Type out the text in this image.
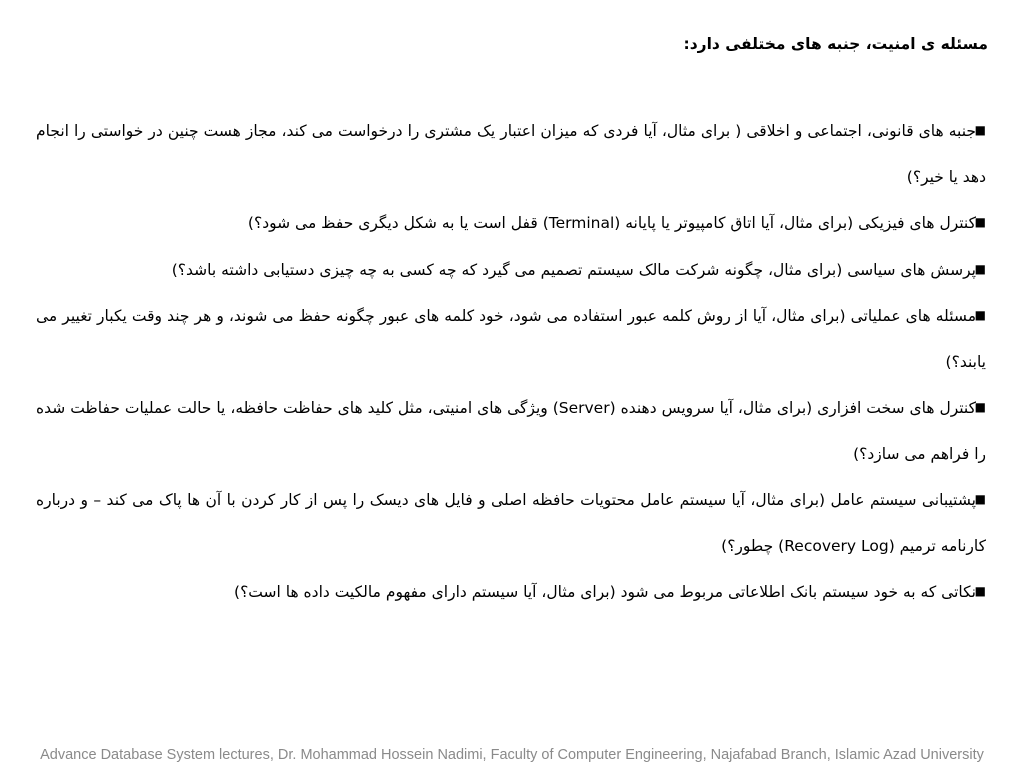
مسئله ی امنیت، جنبه های مختلفی دارد:
■جنبه های قانونی، اجتماعی و اخلاقی ( برای مثال، آیا فردی که میزان اعتبار یک مشتری را درخواست می کند، مجاز هست چنین در خواستی را انجام دهد یا خیر؟)
■کنترل های فیزیکی (برای مثال، آیا اتاق کامپیوتر یا پایانه (Terminal) قفل است یا به شکل دیگری حفظ می شود؟)
■پرسش های سیاسی (برای مثال، چگونه شرکت مالک سیستم تصمیم می گیرد که چه کسی به چه چیزی دستیابی داشته باشد؟)
■مسئله های عملیاتی (برای مثال، آیا از روش کلمه عبور استفاده می شود، خود کلمه های عبور چگونه حفظ می شوند، و هر چند وقت یکبار تغییر می یابند؟)
■کنترل های سخت افزاری (برای مثال، آیا سرویس دهنده (Server) ویژگی های امنیتی، مثل کلید های حفاظت حافظه، یا حالت عملیات حفاظت شده را فراهم می سازد؟)
■پشتیبانی سیستم عامل (برای مثال، آیا سیستم عامل محتویات حافظه اصلی و فایل های دیسک را پس از کار کردن با آن ها پاک می کند – و درباره کارنامه ترمیم (Recovery Log) چطور؟)
■نکاتی که به خود سیستم بانک اطلاعاتی مربوط می شود (برای مثال، آیا سیستم دارای مفهوم مالکیت داده ها است؟)
Advance Database System lectures, Dr. Mohammad Hossein Nadimi, Faculty of Computer Engineering, Najafabad Branch, Islamic Azad University
